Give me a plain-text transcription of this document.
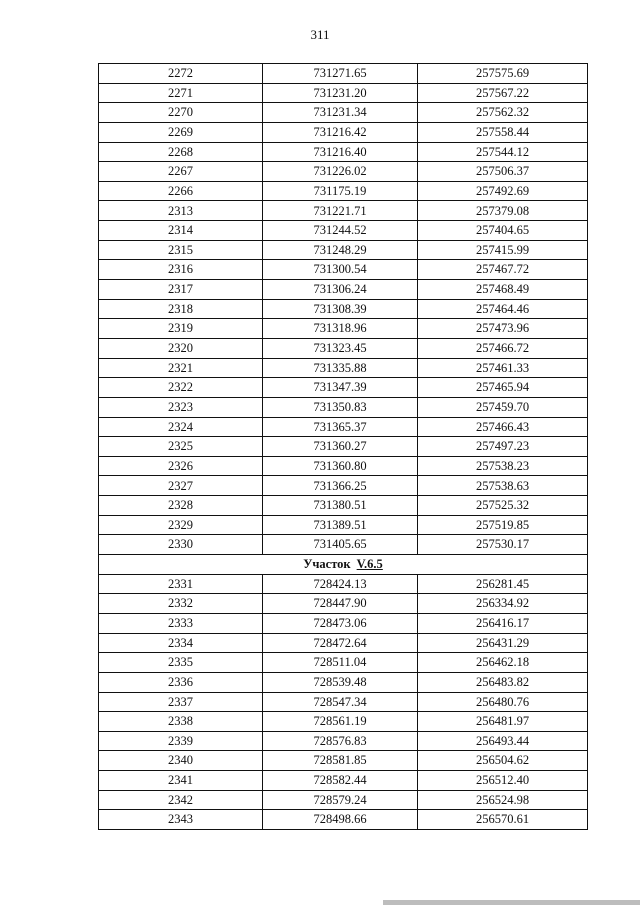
311
2272	731271.65	257575.69
2271	731231.20	257567.22
2270	731231.34	257562.32
2269	731216.42	257558.44
2268	731216.40	257544.12
2267	731226.02	257506.37
2266	731175.19	257492.69
2313	731221.71	257379.08
2314	731244.52	257404.65
2315	731248.29	257415.99
2316	731300.54	257467.72
2317	731306.24	257468.49
2318	731308.39	257464.46
2319	731318.96	257473.96
2320	731323.45	257466.72
2321	731335.88	257461.33
2322	731347.39	257465.94
2323	731350.83	257459.70
2324	731365.37	257466.43
2325	731360.27	257497.23
2326	731360.80	257538.23
2327	731366.25	257538.63
2328	731380.51	257525.32
2329	731389.51	257519.85
2330	731405.65	257530.17
Участок V.6.5		
2331	728424.13	256281.45
2332	728447.90	256334.92
2333	728473.06	256416.17
2334	728472.64	256431.29
2335	728511.04	256462.18
2336	728539.48	256483.82
2337	728547.34	256480.76
2338	728561.19	256481.97
2339	728576.83	256493.44
2340	728581.85	256504.62
2341	728582.44	256512.40
2342	728579.24	256524.98
2343	728498.66	256570.61
